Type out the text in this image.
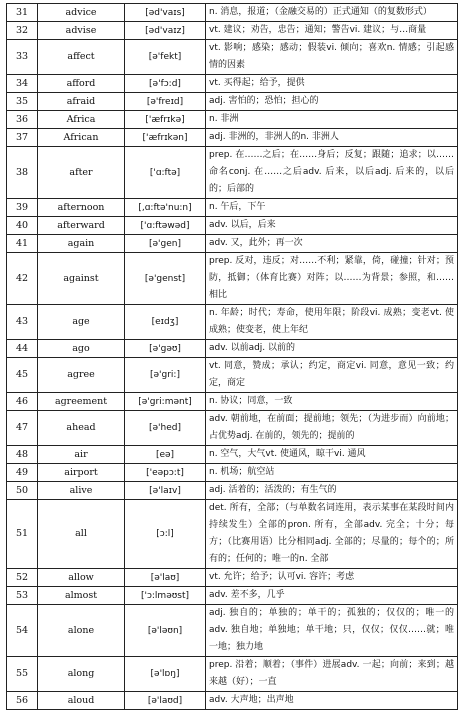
31	advice	[əd'vaɪs]	n. 消息，报道；（金融交易的）正式通知（的复数形式）
32	advise	[əd'vaɪz]	vt. 建议；劝告，忠告；通知；警告vi. 建议；与…商量
33	affect	[ə'fekt]	vt. 影响；感染；感动；假装vi. 倾向；喜欢n. 情感；引起感情的因素
34	afford	[ə'fɔ:d]	vt. 买得起；给予，提供
35	afraid	[ə'freɪd]	adj. 害怕的；恐怕；担心的
36	Africa	['æfrɪkə]	n. 非洲
37	African	['æfrɪkən]	adj. 非洲的，非洲人的n. 非洲人
38	after	['ɑ:ftə]	prep. 在……之后；在……身后；反复；跟随；追求；以……命名conj. 在……之后adv. 后来，以后adj. 后来的，以后的；后部的
39	afternoon	[,ɑ:ftə'nu:n]	n. 午后，下午
40	afterward	['ɑ:ftəwəd]	adv. 以后，后来
41	again	[ə'gen]	adv. 又，此外；再一次
42	against	[ə'genst]	prep. 反对，违反；对……不利；紧靠，倚，碰撞；针对；预防，抵御；（体育比赛）对阵；以……为背景；参照，和……相比
43	age	[eɪdʒ]	n. 年龄；时代；寿命，使用年限；阶段vi. 成熟；变老vt. 使成熟；使变老，使上年纪
44	ago	[ə'gəʊ]	adv. 以前adj. 以前的
45	agree	[ə'gri:]	vt. 同意，赞成；承认；约定，商定vi. 同意，意见一致；约定，商定
46	agreement	[ə'gri:mənt]	n. 协议；同意，一致
47	ahead	[ə'hed]	adv. 朝前地，在前面；提前地；领先；（为进步而）向前地；占优势adj. 在前的，领先的；提前的
48	air	[eə]	n. 空气，大气vt. 使通风，晾干vi. 通风
49	airport	['eəpɔ:t]	n. 机场；航空站
50	alive	[ə'laɪv]	adj. 活着的；活泼的；有生气的
51	all	[ɔ:l]	det. 所有，全部；（与单数名词连用，表示某事在某段时间内持续发生）全部的pron. 所有，全部adv. 完全；十分；每方；（比赛用语）比分相同adj. 全部的；尽量的；每个的；所有的；任何的；唯一的n. 全部
52	allow	[ə'laʊ]	vt. 允许；给予；认可vi. 容许；考虑
53	almost	['ɔ:lməʊst]	adv. 差不多，几乎
54	alone	[ə'ləʊn]	adj. 独自的；单独的；单干的；孤独的；仅仅的；唯一的adv. 独自地；单独地；单干地；只，仅仅；仅仅……就；唯一地；独力地
55	along	[ə'lɒŋ]	prep. 沿着；顺着；（事件）进展adv. 一起；向前；来到；越来越（好）；一直
56	aloud	[ə'laʊd]	adv. 大声地；出声地
